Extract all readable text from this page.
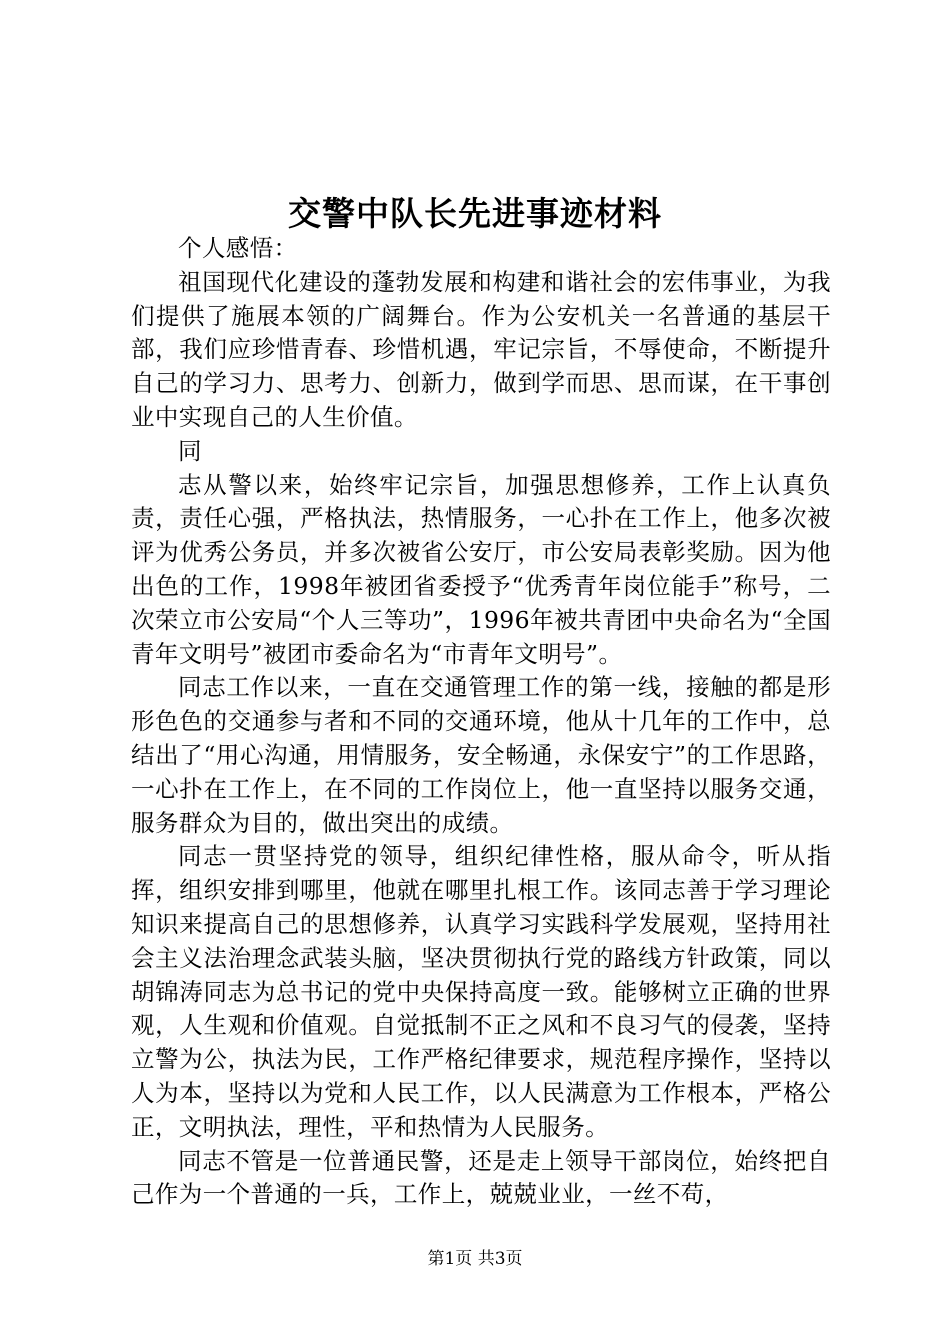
交警中队长先进事迹材料

个人感悟：

祖国现代化建设的蓬勃发展和构建和谐社会的宏伟事业，为我们提供了施展本领的广阔舞台。作为公安机关一名普通的基层干部，我们应珍惜青春、珍惜机遇，牢记宗旨，不辱使命，不断提升自己的学习力、思考力、创新力，做到学而思、思而谋，在干事创业中实现自己的人生价值。

同

志从警以来，始终牢记宗旨，加强思想修养，工作上认真负责，责任心强，严格执法，热情服务，一心扑在工作上，他多次被评为优秀公务员，并多次被省公安厅，市公安局表彰奖励。因为他出色的工作，1998年被团省委授予“优秀青年岗位能手”称号，二次荣立市公安局“个人三等功”，1996年被共青团中央命名为“全国青年文明号”被团市委命名为“市青年文明号”。

同志工作以来，一直在交通管理工作的第一线，接触的都是形形色色的交通参与者和不同的交通环境，他从十几年的工作中，总结出了“用心沟通，用情服务，安全畅通，永保安宁”的工作思路，一心扑在工作上，在不同的工作岗位上，他一直坚持以服务交通，服务群众为目的，做出突出的成绩。

同志一贯坚持党的领导，组织纪律性格，服从命令，听从指挥，组织安排到哪里，他就在哪里扎根工作。该同志善于学习理论知识来提高自己的思想修养，认真学习实践科学发展观，坚持用社会主义法治理念武装头脑，坚决贯彻执行党的路线方针政策，同以胡锦涛同志为总书记的党中央保持高度一致。能够树立正确的世界观，人生观和价值观。自觉抵制不正之风和不良习气的侵袭，坚持立警为公，执法为民，工作严格纪律要求，规范程序操作，坚持以人为本，坚持以为党和人民工作，以人民满意为工作根本，严格公正，文明执法，理性，平和热情为人民服务。

同志不管是一位普通民警，还是走上领导干部岗位，始终把自己作为一个普通的一兵，工作上，兢兢业业，一丝不苟，

第1页 共3页
